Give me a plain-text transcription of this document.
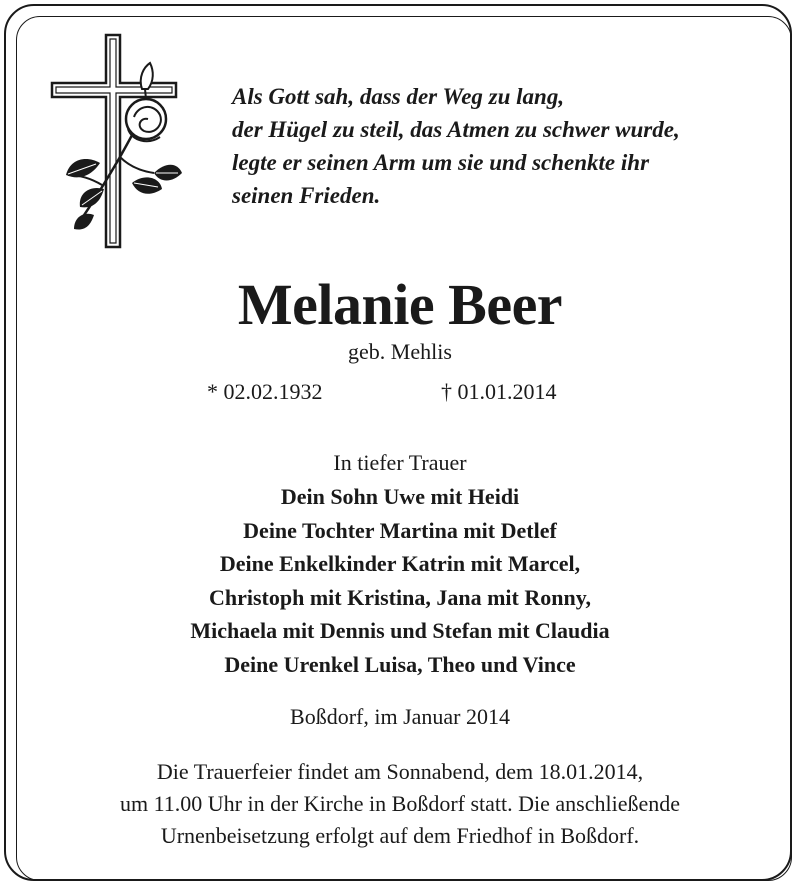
Als Gott sah, dass der Weg zu lang,
der Hügel zu steil, das Atmen zu schwer wurde,
legte er seinen Arm um sie und schenkte ihr
seinen Frieden.
Melanie Beer
geb. Mehlis
* 02.02.1932	† 01.01.2014
In tiefer Trauer
Dein Sohn Uwe mit Heidi
Deine Tochter Martina mit Detlef
Deine Enkelkinder Katrin mit Marcel,
Christoph mit Kristina, Jana mit Ronny,
Michaela mit Dennis und Stefan mit Claudia
Deine Urenkel Luisa, Theo und Vince
Boßdorf, im Januar 2014
Die Trauerfeier findet am Sonnabend, dem 18.01.2014,
um 11.00 Uhr in der Kirche in Boßdorf statt. Die anschließende
Urnenbeisetzung erfolgt auf dem Friedhof in Boßdorf.
